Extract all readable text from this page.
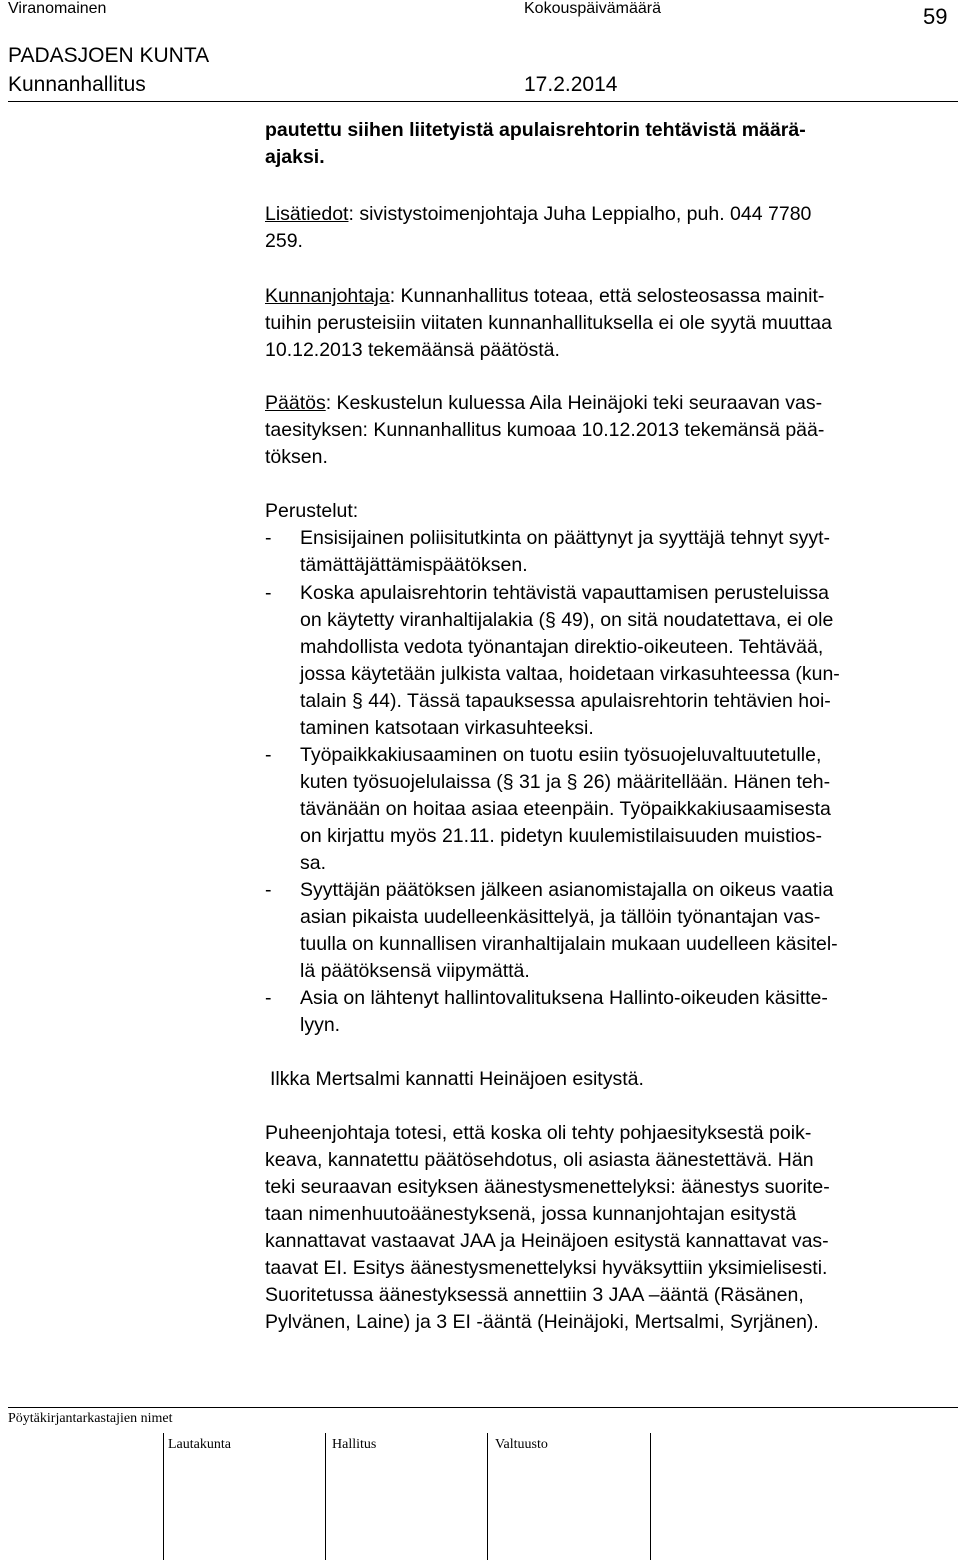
Viranomainen	Kokouspäivämäärä	59
PADASJOEN KUNTA
Kunnanhallitus	17.2.2014
pautettu siihen liitetyistä apulaisrehtorin tehtävistä määrä-
ajaksi.
Lisätiedot: sivistystoimenjohtaja Juha Leppialho, puh. 044 7780
259.
Kunnanjohtaja: Kunnanhallitus toteaa, että selosteosassa mainit-
tuihin perusteisiin viitaten kunnanhallituksella ei ole syytä muuttaa
10.12.2013 tekemäänsä päätöstä.
Päätös: Keskustelun kuluessa Aila Heinäjoki teki seuraavan vas-
taesityksen: Kunnanhallitus kumoaa 10.12.2013 tekemänsä pää-
töksen.
Perustelut:
- Ensisijainen poliisitutkinta on päättynyt ja syyttäjä tehnyt syyt-
tämättäjättämispäätöksen.
- Koska apulaisrehtorin tehtävistä vapauttamisen perusteluissa
on käytetty viranhaltijalakia (§ 49), on sitä noudatettava, ei ole
mahdollista vedota työnantajan direktio-oikeuteen. Tehtävää,
jossa käytetään julkista valtaa, hoidetaan virkasuhteessa (kun-
talain § 44). Tässä tapauksessa apulaisrehtorin tehtävien hoi-
taminen katsotaan virkasuhteeksi.
- Työpaikkakiusaaminen on tuotu esiin työsuojeluvaltuutetulle,
kuten työsuojelulaissa (§ 31 ja § 26) määritellään. Hänen teh-
tävänään on hoitaa asiaa eteenpäin. Työpaikkakiusaamisesta
on kirjattu myös 21.11. pidetyn kuulemistilaisuuden muistios-
sa.
- Syyttäjän päätöksen jälkeen asianomistajalla on oikeus vaatia
asian pikaista uudelleenkäsittelyä, ja tällöin työnantajan vas-
tuulla on kunnallisen viranhaltijalain mukaan uudelleen käsitel-
lä päätöksensä viipymättä.
- Asia on lähtenyt hallintovalituksena Hallinto-oikeuden käsitte-
lyyn.
Ilkka Mertsalmi kannatti Heinäjoen esitystä.
Puheenjohtaja totesi, että koska oli tehty pohjaesityksestä poik-
keava, kannatettu päätösehdotus, oli asiasta äänestettävä. Hän
teki seuraavan esityksen äänestysmenettelyksi: äänestys suorite-
taan nimenhuutoäänestyksenä, jossa kunnanjohtajan esitystä
kannattavat vastaavat JAA ja Heinäjoen esitystä kannattavat vas-
taavat EI. Esitys äänestysmenettelyksi hyväksyttiin yksimielisesti.
Suoritetussa äänestyksessä annettiin 3 JAA –ääntä (Räsänen,
Pylvänen, Laine) ja 3 EI -ääntä (Heinäjoki, Mertsalmi, Syrjänen).
Pöytäkirjantarkastajien nimet
Lautakunta	Hallitus	Valtuusto
